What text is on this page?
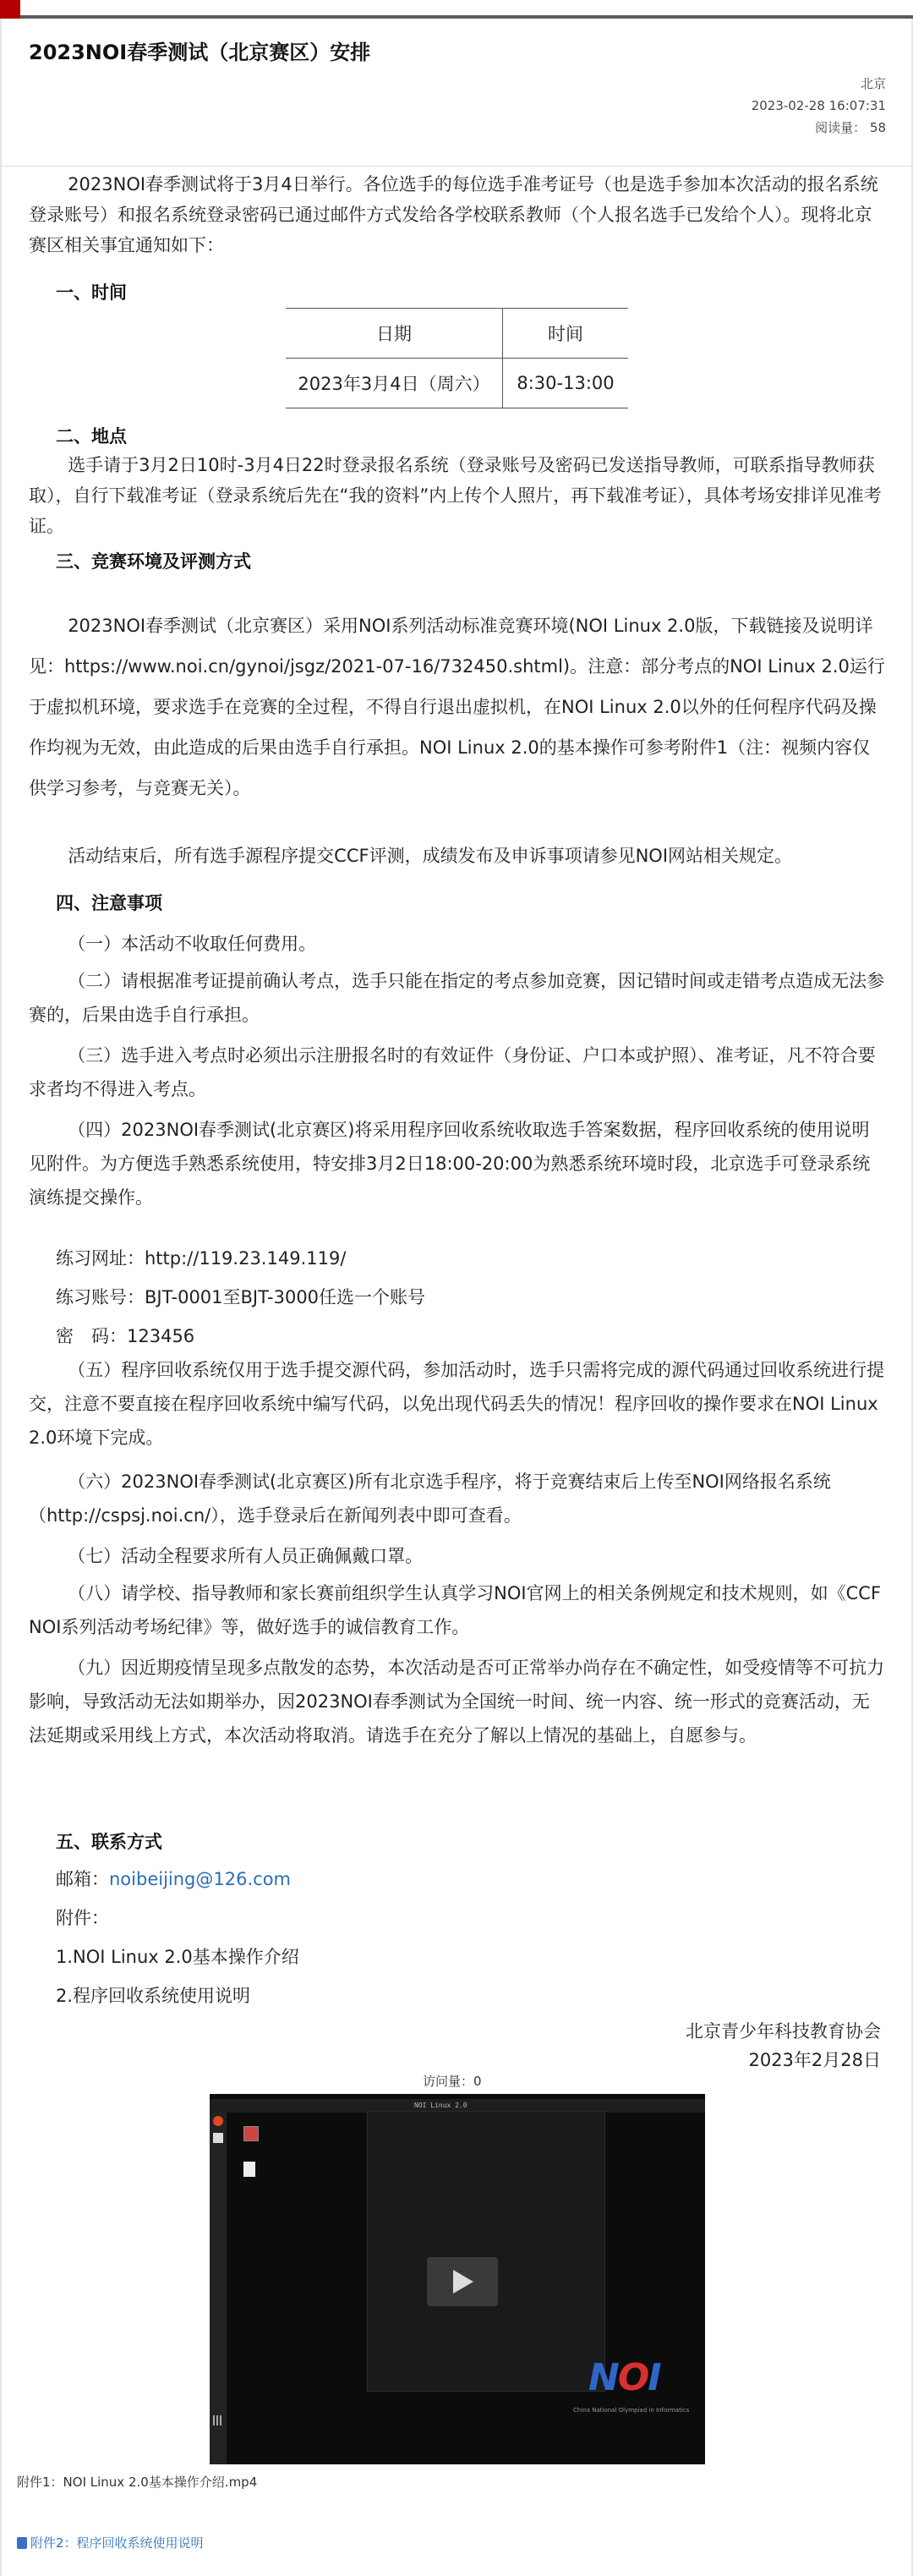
2023NOI春季测试（北京赛区）安排
北京
2023-02-28 16:07:31
阅读量： 58
2023NOI春季测试将于3月4日举行。各位选手的每位选手准考证号（也是选手参加本次活动的报名系统登录账号）和报名系统登录密码已通过邮件方式发给各学校联系教师（个人报名选手已发给个人）。现将北京赛区相关事宜通知如下：
一、时间
日期	时间
2023年3月4日（周六）	8:30-13:00
二、地点
选手请于3月2日10时-3月4日22时登录报名系统（登录账号及密码已发送指导教师，可联系指导教师获取），自行下载准考证（登录系统后先在“我的资料”内上传个人照片，再下载准考证），具体考场安排详见准考证。
三、竞赛环境及评测方式
2023NOI春季测试（北京赛区）采用NOI系列活动标准竞赛环境(NOI Linux 2.0版，下载链接及说明详见：https://www.noi.cn/gynoi/jsgz/2021-07-16/732450.shtml)。注意：部分考点的NOI Linux 2.0运行于虚拟机环境，要求选手在竞赛的全过程，不得自行退出虚拟机，在NOI Linux 2.0以外的任何程序代码及操作均视为无效，由此造成的后果由选手自行承担。NOI Linux 2.0的基本操作可参考附件1（注：视频内容仅供学习参考，与竞赛无关）。
活动结束后，所有选手源程序提交CCF评测，成绩发布及申诉事项请参见NOI网站相关规定。
四、注意事项
（一）本活动不收取任何费用。
（二）请根据准考证提前确认考点，选手只能在指定的考点参加竞赛，因记错时间或走错考点造成无法参赛的，后果由选手自行承担。
（三）选手进入考点时必须出示注册报名时的有效证件（身份证、户口本或护照）、准考证，凡不符合要求者均不得进入考点。
（四）2023NOI春季测试(北京赛区)将采用程序回收系统收取选手答案数据，程序回收系统的使用说明见附件。为方便选手熟悉系统使用，特安排3月2日18:00-20:00为熟悉系统环境时段，北京选手可登录系统演练提交操作。
练习网址：http://119.23.149.119/
练习账号：BJT-0001至BJT-3000任选一个账号
密　码：123456
（五）程序回收系统仅用于选手提交源代码，参加活动时，选手只需将完成的源代码通过回收系统进行提交，注意不要直接在程序回收系统中编写代码，以免出现代码丢失的情况！程序回收的操作要求在NOI Linux 2.0环境下完成。
（六）2023NOI春季测试(北京赛区)所有北京选手程序，将于竞赛结束后上传至NOI网络报名系统（http://cspsj.noi.cn/），选手登录后在新闻列表中即可查看。
（七）活动全程要求所有人员正确佩戴口罩。
（八）请学校、指导教师和家长赛前组织学生认真学习NOI官网上的相关条例规定和技术规则，如《CCF NOI系列活动考场纪律》等，做好选手的诚信教育工作。
（九）因近期疫情呈现多点散发的态势，本次活动是否可正常举办尚存在不确定性，如受疫情等不可抗力影响，导致活动无法如期举办，因2023NOI春季测试为全国统一时间、统一内容、统一形式的竞赛活动，无法延期或采用线上方式，本次活动将取消。请选手在充分了解以上情况的基础上，自愿参与。
五、联系方式
邮箱：noibeijing@126.com
附件：
1.NOI Linux 2.0基本操作介绍
2.程序回收系统使用说明
北京青少年科技教育协会
2023年2月28日
访问量：0
NOI Linux 2.0
NOI
China National Olympiad in Informatics
附件1：NOI Linux 2.0基本操作介绍.mp4
附件2：程序回收系统使用说明
